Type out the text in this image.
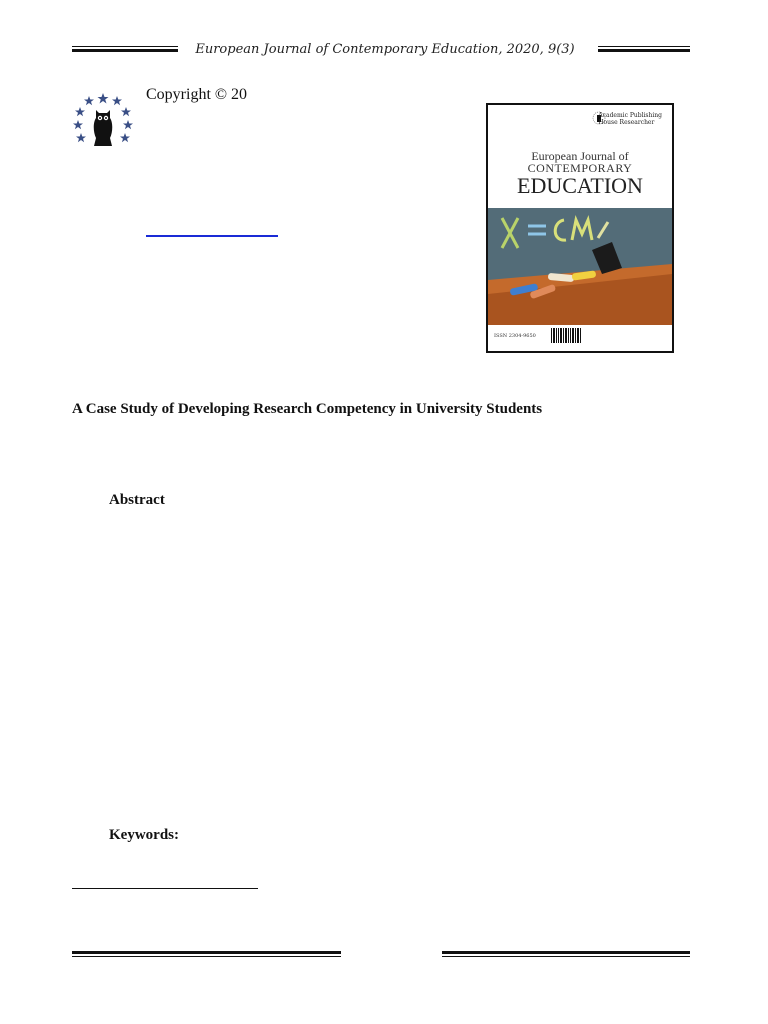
European Journal of Contemporary Education, 2020, 9(3)
Copyright © 20
Academic Publishing
House Researcher
European Journal of
CONTEMPORARY
EDUCATION
ISSN 2304-9650
A Case Study of Developing Research Competency in University Students
Abstract
Keywords:
